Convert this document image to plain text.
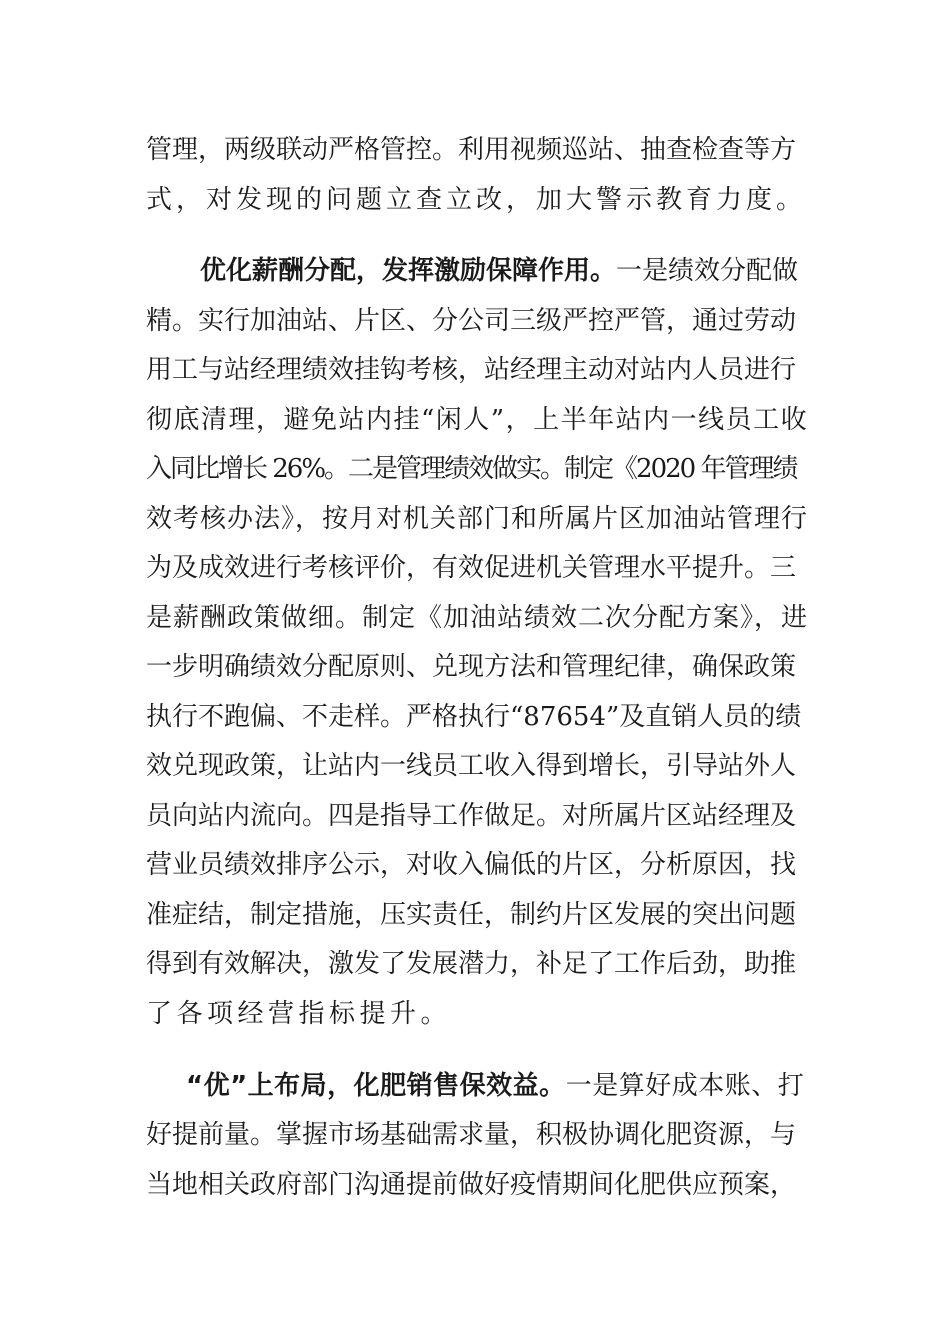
管理，两级联动严格管控。利用视频巡站、抽查检查等方
式，对发现的问题立查立改，加大警示教育力度。
优化薪酬分配，发挥激励保障作用。一是绩效分配做
精。实行加油站、片区、分公司三级严控严管，通过劳动
用工与站经理绩效挂钩考核，站经理主动对站内人员进行
彻底清理，避免站内挂“闲人”，上半年站内一线员工收
入同比增长 26%。二是管理绩效做实。制定《2020 年管理绩
效考核办法》，按月对机关部门和所属片区加油站管理行
为及成效进行考核评价，有效促进机关管理水平提升。三
是薪酬政策做细。制定《加油站绩效二次分配方案》，进
一步明确绩效分配原则、兑现方法和管理纪律，确保政策
执行不跑偏、不走样。严格执行“87654”及直销人员的绩
效兑现政策，让站内一线员工收入得到增长，引导站外人
员向站内流向。四是指导工作做足。对所属片区站经理及
营业员绩效排序公示，对收入偏低的片区，分析原因，找
准症结，制定措施，压实责任，制约片区发展的突出问题
得到有效解决，激发了发展潜力，补足了工作后劲，助推
了各项经营指标提升。
“优”上布局，化肥销售保效益。一是算好成本账、打
好提前量。掌握市场基础需求量，积极协调化肥资源，与
当地相关政府部门沟通提前做好疫情期间化肥供应预案，
